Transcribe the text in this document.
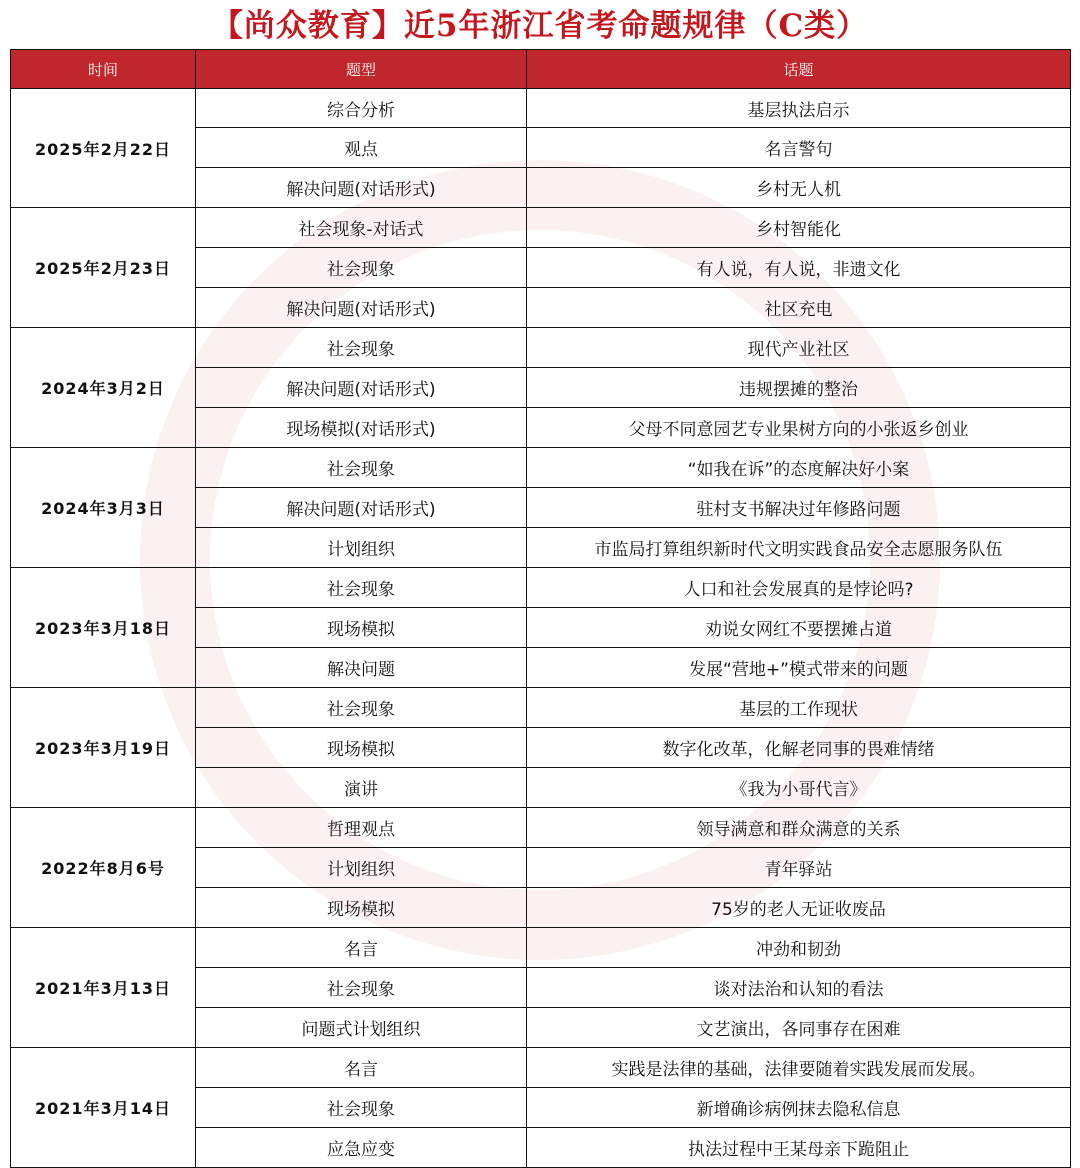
【尚众教育】近5年浙江省考命题规律（C类）
时间	题型	话题
2025年2月22日	综合分析	基层执法启示
	观点	名言警句
	解决问题(对话形式)	乡村无人机
2025年2月23日	社会现象-对话式	乡村智能化
	社会现象	有人说，有人说，非遗文化
	解决问题(对话形式)	社区充电
2024年3月2日	社会现象	现代产业社区
	解决问题(对话形式)	违规摆摊的整治
	现场模拟(对话形式)	父母不同意园艺专业果树方向的小张返乡创业
2024年3月3日	社会现象	“如我在诉”的态度解决好小案
	解决问题(对话形式)	驻村支书解决过年修路问题
	计划组织	市监局打算组织新时代文明实践食品安全志愿服务队伍
2023年3月18日	社会现象	人口和社会发展真的是悖论吗?
	现场模拟	劝说女网红不要摆摊占道
	解决问题	发展“营地+”模式带来的问题
2023年3月19日	社会现象	基层的工作现状
	现场模拟	数字化改革，化解老同事的畏难情绪
	演讲	《我为小哥代言》
2022年8月6号	哲理观点	领导满意和群众满意的关系
	计划组织	青年驿站
	现场模拟	75岁的老人无证收废品
2021年3月13日	名言	冲劲和韧劲
	社会现象	谈对法治和认知的看法
	问题式计划组织	文艺演出，各同事存在困难
2021年3月14日	名言	实践是法律的基础，法律要随着实践发展而发展。
	社会现象	新增确诊病例抹去隐私信息
	应急应变	执法过程中王某母亲下跪阻止
